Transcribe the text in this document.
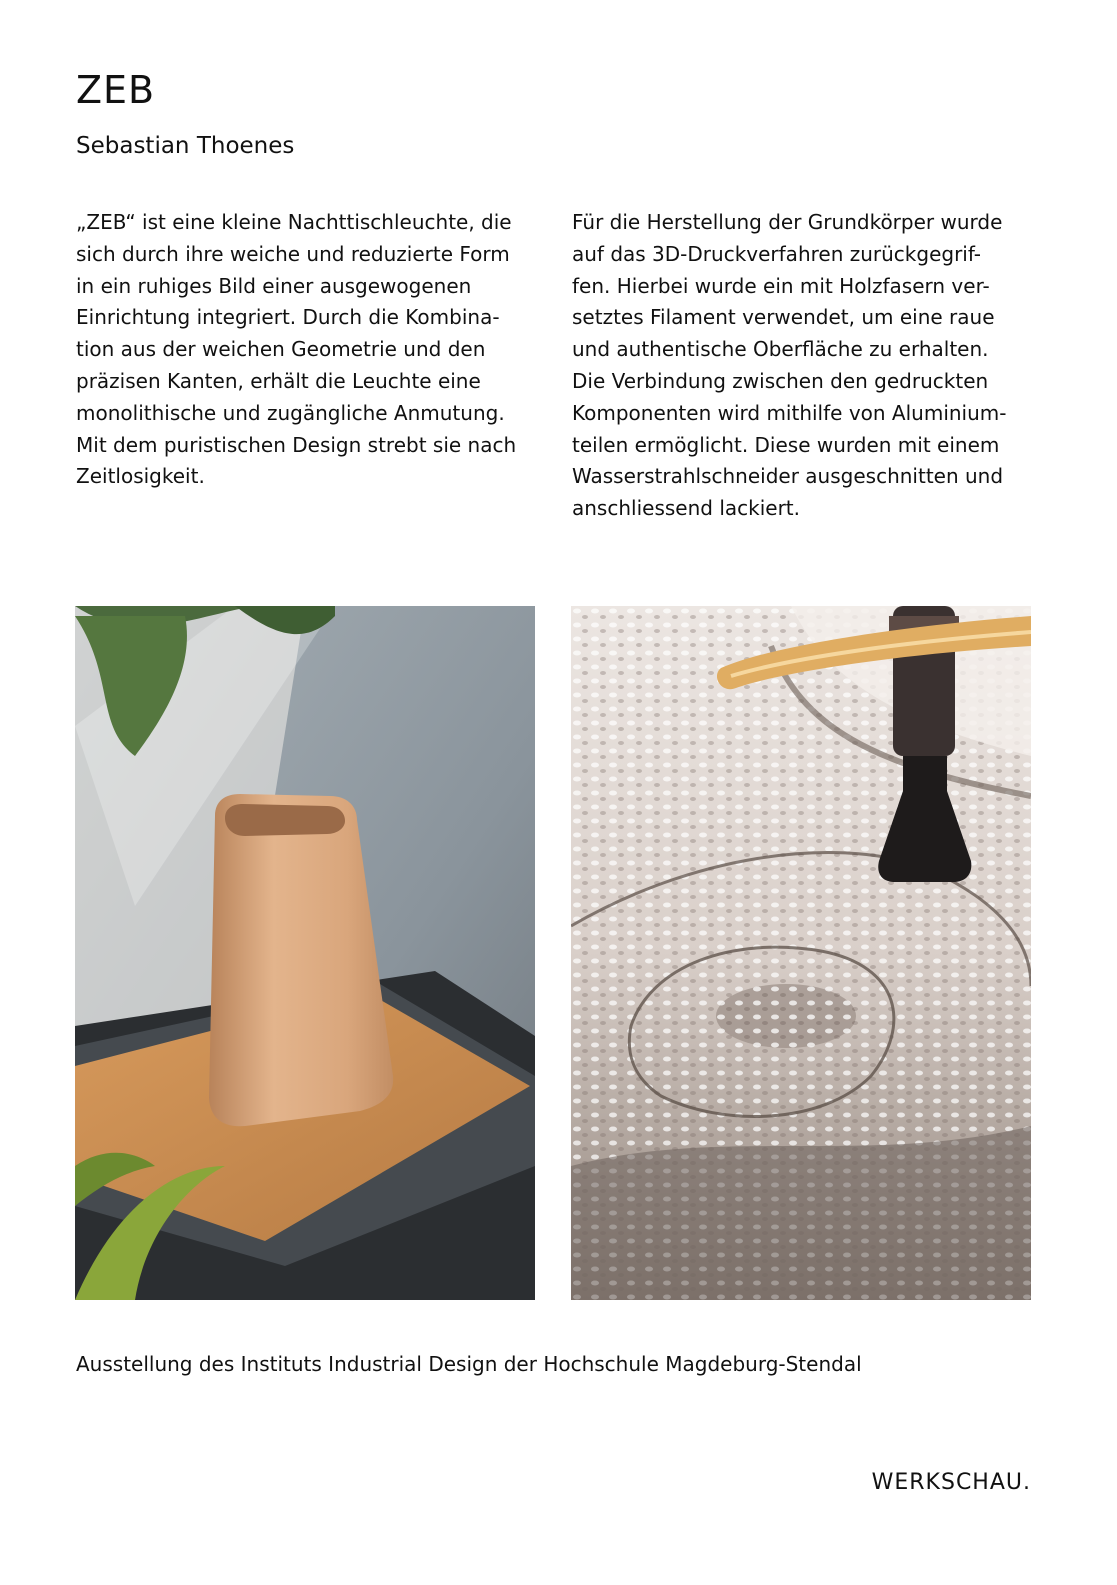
ZEB

Sebastian Thoenes

„ZEB“ ist eine kleine Nachttischleuchte, die
sich durch ihre weiche und reduzierte Form
in ein ruhiges Bild einer ausgewogenen
Einrichtung integriert. Durch die Kombina-
tion aus der weichen Geometrie und den
präzisen Kanten, erhält die Leuchte eine
monolithische und zugängliche Anmutung.
Mit dem puristischen Design strebt sie nach
Zeitlosigkeit.

Für die Herstellung der Grundkörper wurde
auf das 3D-Druckverfahren zurückgegrif-
fen. Hierbei wurde ein mit Holzfasern ver-
setztes Filament verwendet, um eine raue
und authentische Oberfläche zu erhalten.
Die Verbindung zwischen den gedruckten
Komponenten wird mithilfe von Aluminium-
teilen ermöglicht. Diese wurden mit einem
Wasserstrahlschneider ausgeschnitten und
anschliessend lackiert.

Ausstellung des Instituts Industrial Design der Hochschule Magdeburg-Stendal

WERKSCHAU.
